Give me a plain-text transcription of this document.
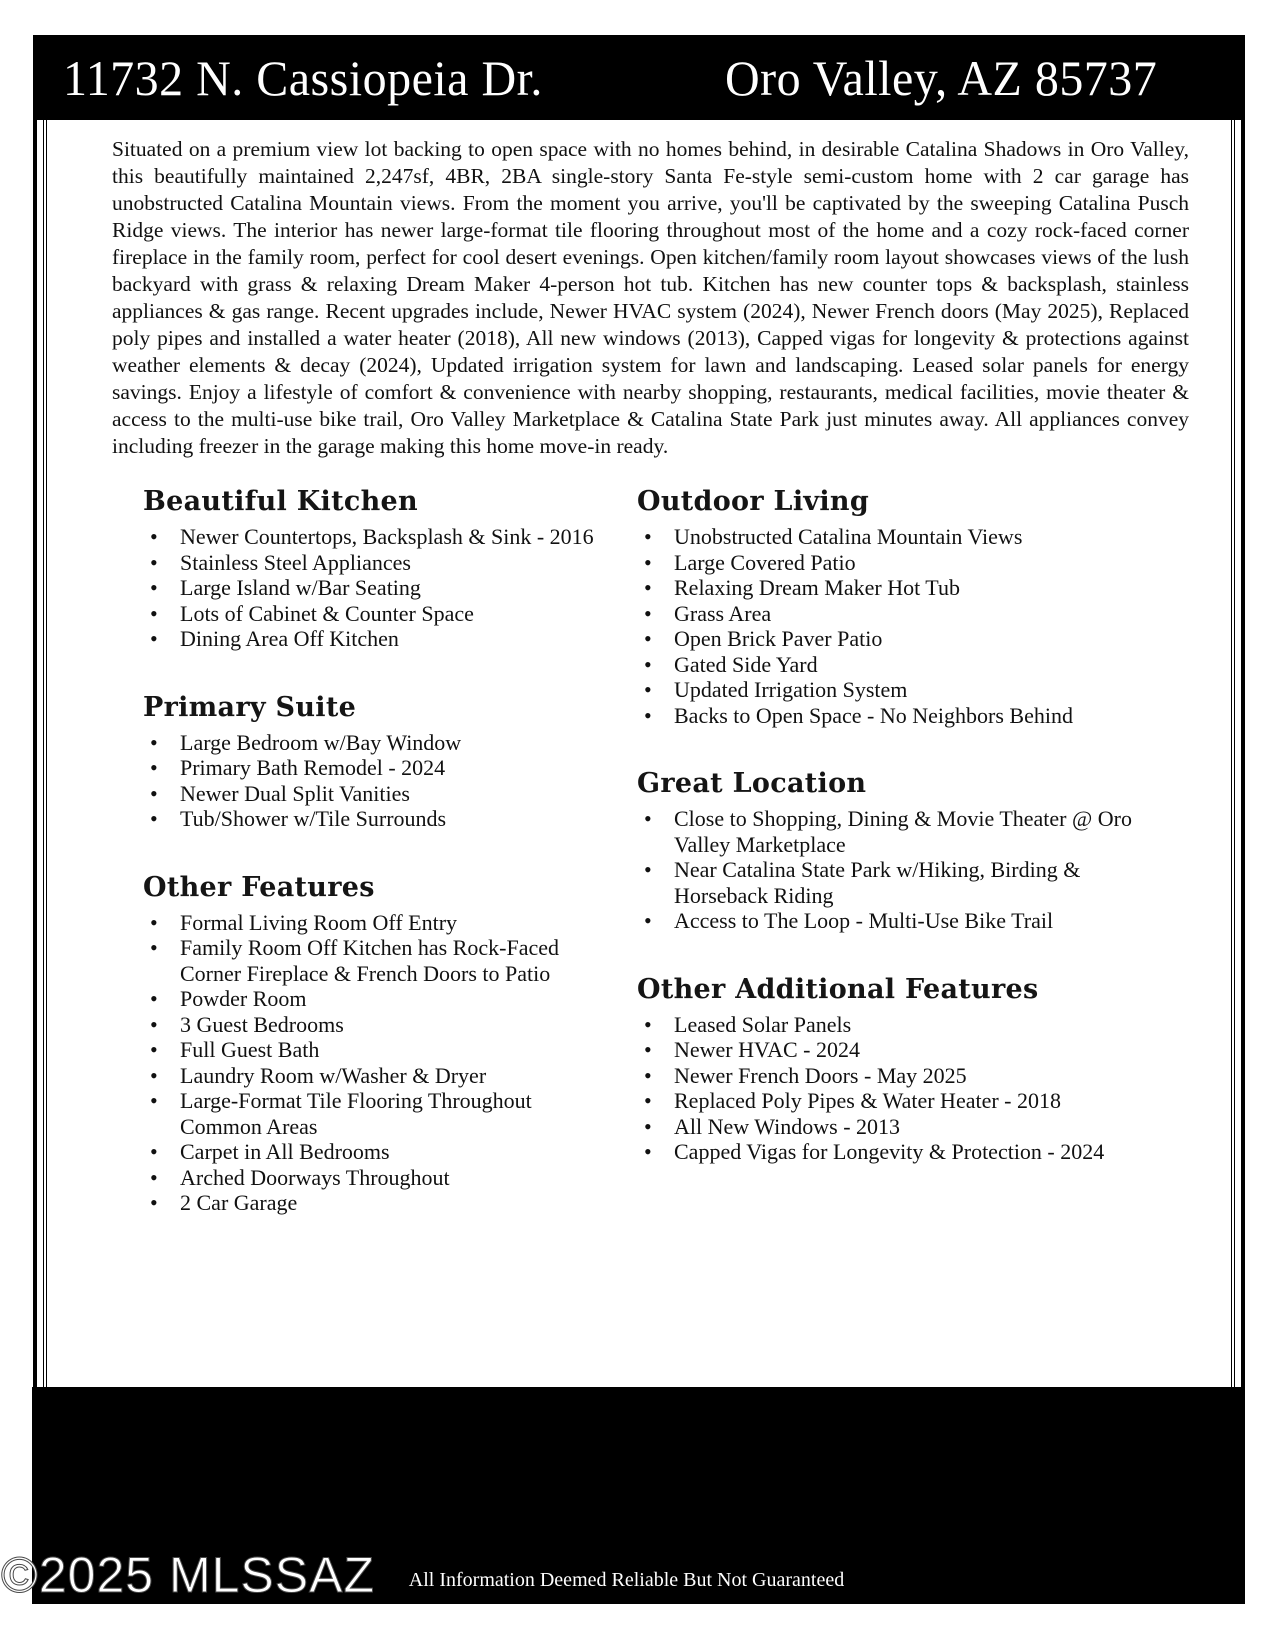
11732 N. Cassiopeia Dr.	Oro Valley, AZ 85737

Situated on a premium view lot backing to open space with no homes behind, in desirable Catalina Shadows in Oro Valley, this beautifully maintained 2,247sf, 4BR, 2BA single-story Santa Fe-style semi-custom home with 2 car garage has unobstructed Catalina Mountain views. From the moment you arrive, you'll be captivated by the sweeping Catalina Pusch Ridge views. The interior has newer large-format tile flooring throughout most of the home and a cozy rock-faced corner fireplace in the family room, perfect for cool desert evenings. Open kitchen/family room layout showcases views of the lush backyard with grass & relaxing Dream Maker 4-person hot tub. Kitchen has new counter tops & backsplash, stainless appliances & gas range. Recent upgrades include, Newer HVAC system (2024), Newer French doors (May 2025), Replaced poly pipes and installed a water heater (2018), All new windows (2013), Capped vigas for longevity & protections against weather elements & decay (2024), Updated irrigation system for lawn and landscaping. Leased solar panels for energy savings. Enjoy a lifestyle of comfort & convenience with nearby shopping, restaurants, medical facilities, movie theater & access to the multi-use bike trail, Oro Valley Marketplace & Catalina State Park just minutes away. All appliances convey including freezer in the garage making this home move-in ready.

Beautiful Kitchen
• Newer Countertops, Backsplash & Sink - 2016
• Stainless Steel Appliances
• Large Island w/Bar Seating
• Lots of Cabinet & Counter Space
• Dining Area Off Kitchen
Primary Suite
• Large Bedroom w/Bay Window
• Primary Bath Remodel - 2024
• Newer Dual Split Vanities
• Tub/Shower w/Tile Surrounds
Other Features
• Formal Living Room Off Entry
• Family Room Off Kitchen has Rock-Faced Corner Fireplace & French Doors to Patio
• Powder Room
• 3 Guest Bedrooms
• Full Guest Bath
• Laundry Room w/Washer & Dryer
• Large-Format Tile Flooring Throughout Common Areas
• Carpet in All Bedrooms
• Arched Doorways Throughout
• 2 Car Garage
Outdoor Living
• Unobstructed Catalina Mountain Views
• Large Covered Patio
• Relaxing Dream Maker Hot Tub
• Grass Area
• Open Brick Paver Patio
• Gated Side Yard
• Updated Irrigation System
• Backs to Open Space - No Neighbors Behind
Great Location
• Close to Shopping, Dining & Movie Theater @ Oro Valley Marketplace
• Near Catalina State Park w/Hiking, Birding & Horseback Riding
• Access to The Loop - Multi-Use Bike Trail
Other Additional Features
• Leased Solar Panels
• Newer HVAC - 2024
• Newer French Doors - May 2025
• Replaced Poly Pipes & Water Heater - 2018
• All New Windows - 2013
• Capped Vigas for Longevity & Protection - 2024
All Information Deemed Reliable But Not Guaranteed
©2025 MLSSAZ
